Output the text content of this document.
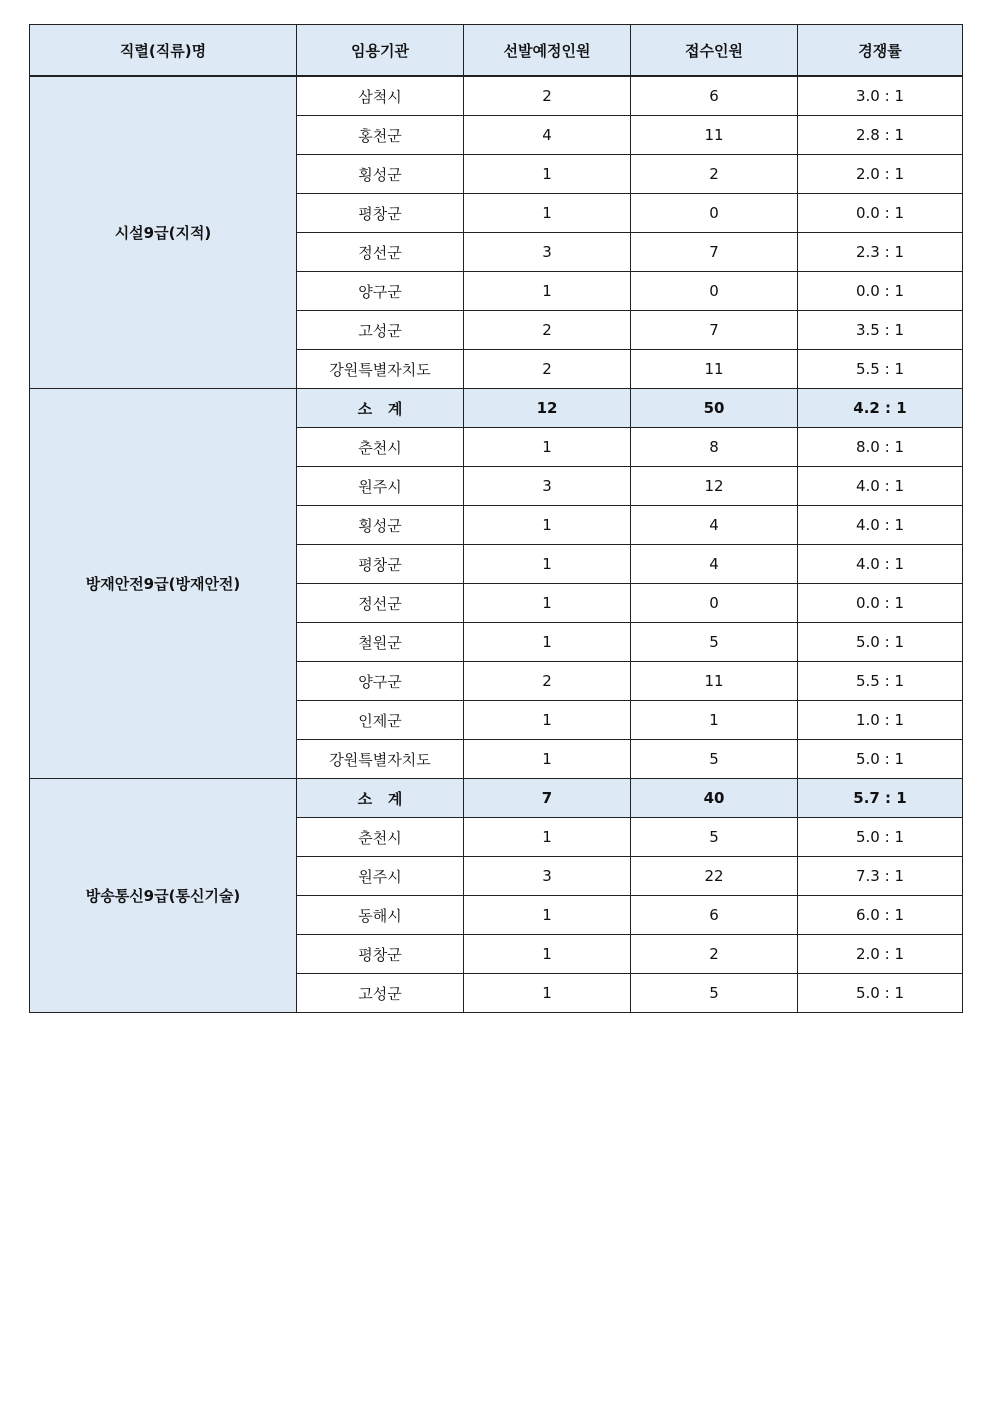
직렬(직류)명	임용기관	선발예정인원	접수인원	경쟁률
시설9급(지적)	삼척시	2	6	3.0 : 1
	홍천군	4	11	2.8 : 1
	횡성군	1	2	2.0 : 1
	평창군	1	0	0.0 : 1
	정선군	3	7	2.3 : 1
	양구군	1	0	0.0 : 1
	고성군	2	7	3.5 : 1
	강원특별자치도	2	11	5.5 : 1
방재안전9급(방재안전)	소   계	12	50	4.2 : 1
	춘천시	1	8	8.0 : 1
	원주시	3	12	4.0 : 1
	횡성군	1	4	4.0 : 1
	평창군	1	4	4.0 : 1
	정선군	1	0	0.0 : 1
	철원군	1	5	5.0 : 1
	양구군	2	11	5.5 : 1
	인제군	1	1	1.0 : 1
	강원특별자치도	1	5	5.0 : 1
방송통신9급(통신기술)	소   계	7	40	5.7 : 1
	춘천시	1	5	5.0 : 1
	원주시	3	22	7.3 : 1
	동해시	1	6	6.0 : 1
	평창군	1	2	2.0 : 1
	고성군	1	5	5.0 : 1
